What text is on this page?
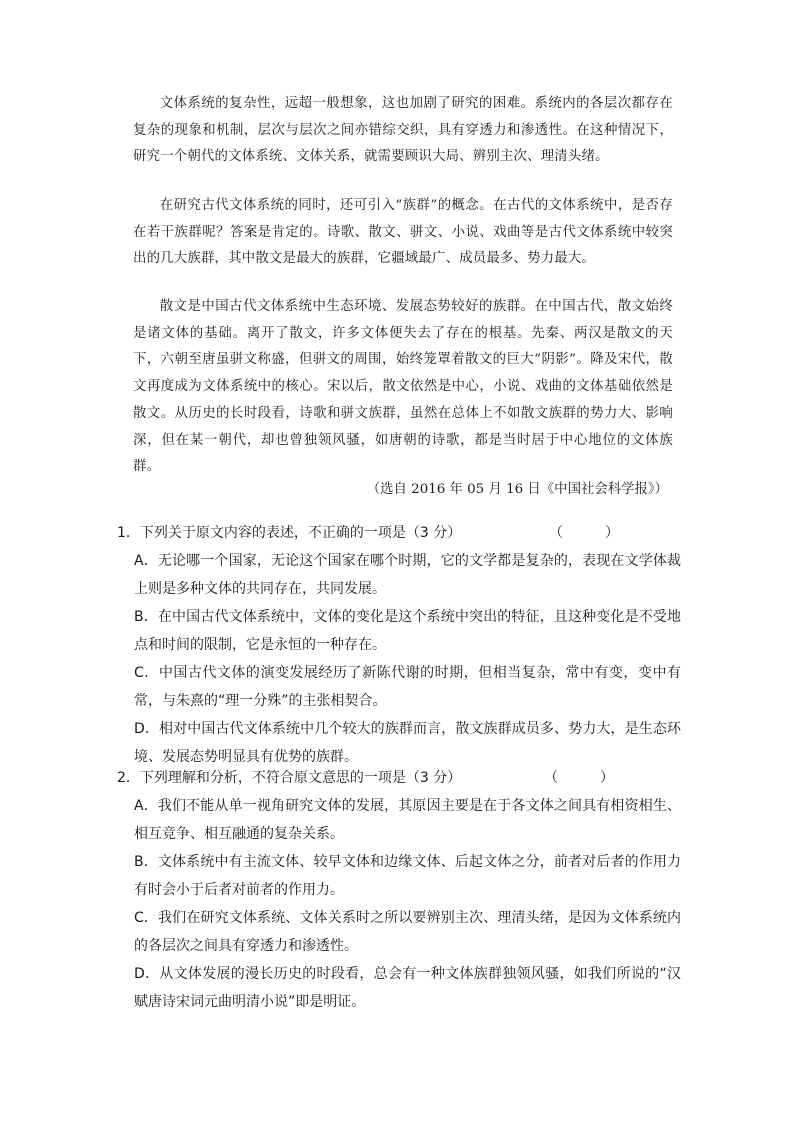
文体系统的复杂性，远超一般想象，这也加剧了研究的困难。系统内的各层次都存在复杂的现象和机制，层次与层次之间亦错综交织，具有穿透力和渗透性。在这种情况下，研究一个朝代的文体系统、文体关系，就需要顾识大局、辨别主次、理清头绪。

在研究古代文体系统的同时，还可引入“族群”的概念。在古代的文体系统中，是否存在若干族群呢？答案是肯定的。诗歌、散文、骈文、小说、戏曲等是古代文体系统中较突出的几大族群，其中散文是最大的族群，它疆域最广、成员最多、势力最大。

散文是中国古代文体系统中生态环境、发展态势较好的族群。在中国古代，散文始终是诸文体的基础。离开了散文，许多文体便失去了存在的根基。先秦、两汉是散文的天下，六朝至唐虽骈文称盛，但骈文的周围，始终笼罩着散文的巨大“阴影”。降及宋代，散文再度成为文体系统中的核心。宋以后，散文依然是中心，小说、戏曲的文体基础依然是散文。从历史的长时段看，诗歌和骈文族群，虽然在总体上不如散文族群的势力大、影响深，但在某一朝代，却也曾独领风骚，如唐朝的诗歌，都是当时居于中心地位的文体族群。

（选自 2016 年 05 月 16 日《中国社会科学报》）
1．下列关于原文内容的表述，不正确的一项是（3 分）	（　　　）
A．无论哪一个国家，无论这个国家在哪个时期，它的文学都是复杂的，表现在文学体裁上则是多种文体的共同存在，共同发展。
B．在中国古代文体系统中，文体的变化是这个系统中突出的特征，且这种变化是不受地点和时间的限制，它是永恒的一种存在。
C．中国古代文体的演变发展经历了新陈代谢的时期，但相当复杂，常中有变，变中有常，与朱熹的“理一分殊”的主张相契合。
D．相对中国古代文体系统中几个较大的族群而言，散文族群成员多、势力大，是生态环境、发展态势明显具有优势的族群。
2．下列理解和分析，不符合原文意思的一项是（3 分）	（　　　）
A．我们不能从单一视角研究文体的发展，其原因主要是在于各文体之间具有相资相生、相互竞争、相互融通的复杂关系。
B．文体系统中有主流文体、较早文体和边缘文体、后起文体之分，前者对后者的作用力有时会小于后者对前者的作用力。
C．我们在研究文体系统、文体关系时之所以要辨别主次、理清头绪，是因为文体系统内的各层次之间具有穿透力和渗透性。
D．从文体发展的漫长历史的时段看，总会有一种文体族群独领风骚，如我们所说的“汉赋唐诗宋词元曲明清小说”即是明证。
